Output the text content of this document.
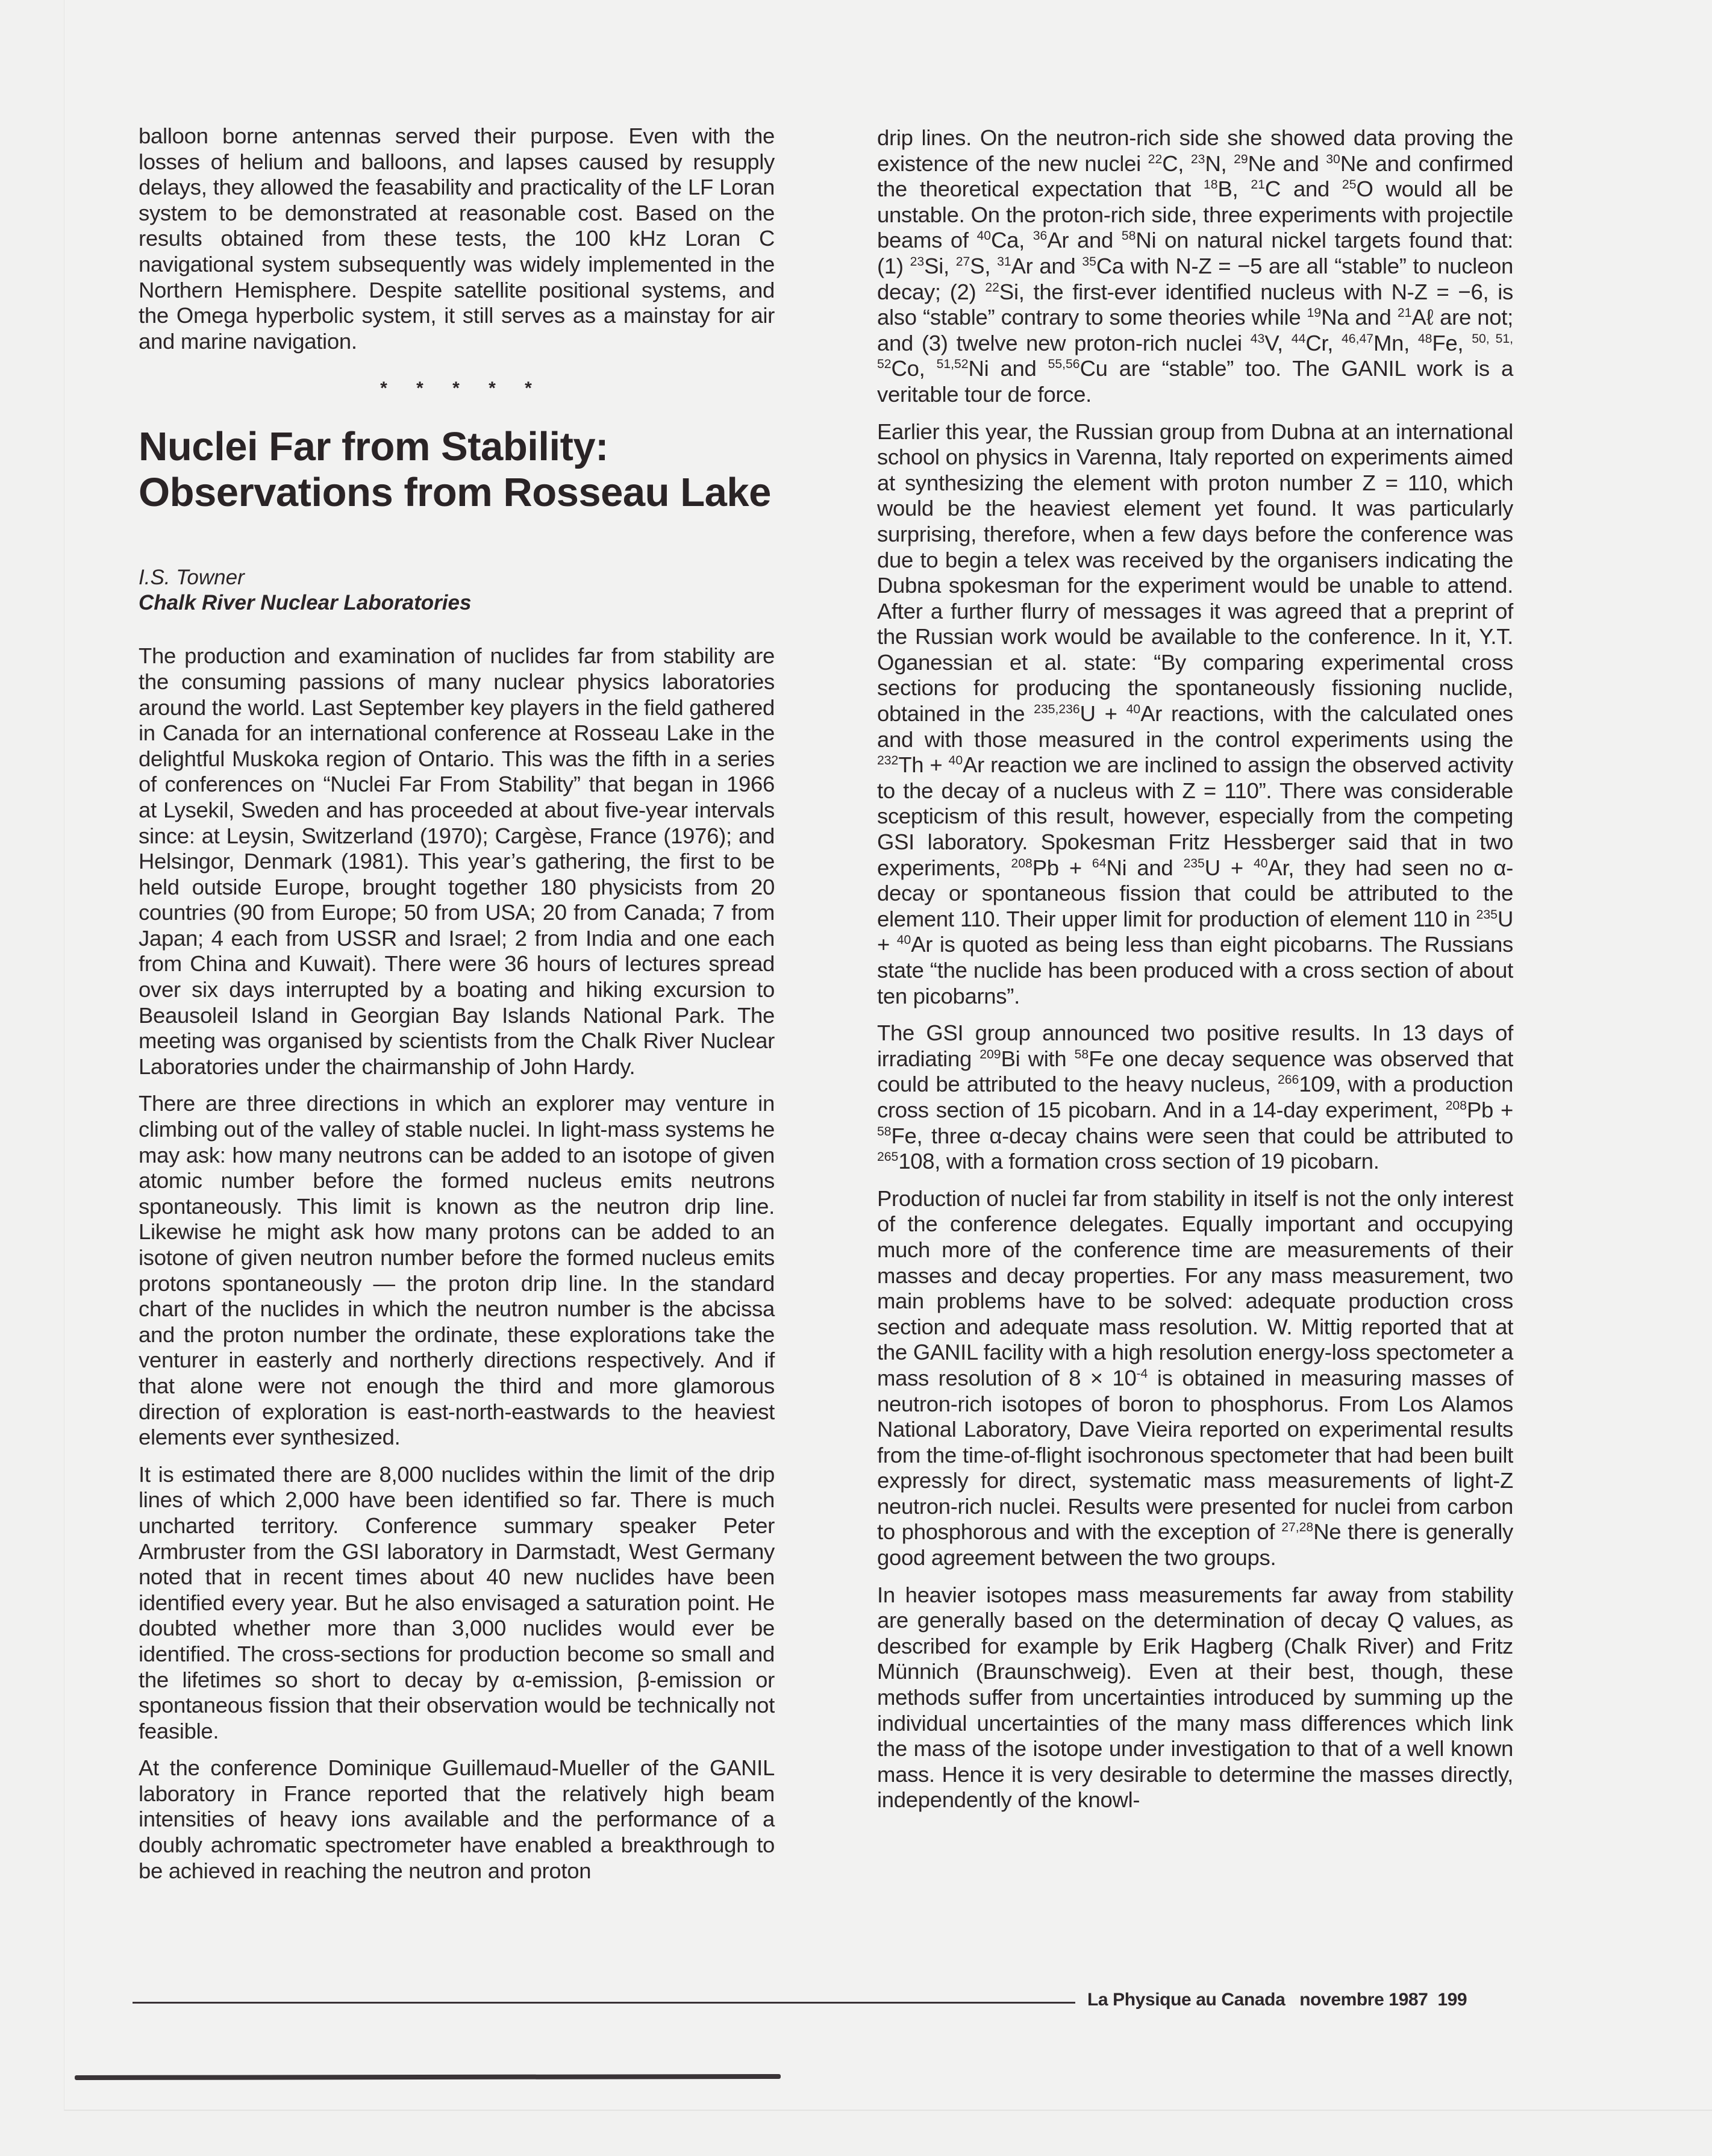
balloon borne antennas served their purpose. Even with the losses of helium and balloons, and lapses caused by resupply delays, they allowed the feasability and practicality of the LF Loran system to be demonstrated at reasonable cost. Based on the results obtained from these tests, the 100 kHz Loran C navigational system subsequently was widely implemented in the Northern Hemisphere. Despite satellite positional systems, and the Omega hyperbolic system, it still serves as a mainstay for air and marine navigation.

* * * * *
Nuclei Far from Stability:
Observations from Rosseau Lake
I.S. Towner
Chalk River Nuclear Laboratories

The production and examination of nuclides far from stability are the consuming passions of many nuclear physics laboratories around the world. Last September key players in the field gathered in Canada for an international conference at Rosseau Lake in the delightful Muskoka region of Ontario. This was the fifth in a series of conferences on “Nuclei Far From Stability” that began in 1966 at Lysekil, Sweden and has proceeded at about five-year intervals since: at Leysin, Switzerland (1970); Cargèse, France (1976); and Helsingor, Denmark (1981). This year’s gathering, the first to be held outside Europe, brought together 180 physicists from 20 countries (90 from Europe; 50 from USA; 20 from Canada; 7 from Japan; 4 each from USSR and Israel; 2 from India and one each from China and Kuwait). There were 36 hours of lectures spread over six days interrupted by a boating and hiking excursion to Beausoleil Island in Georgian Bay Islands National Park. The meeting was organised by scientists from the Chalk River Nuclear Laboratories under the chairmanship of John Hardy.

There are three directions in which an explorer may venture in climbing out of the valley of stable nuclei. In light-mass systems he may ask: how many neutrons can be added to an isotope of given atomic number before the formed nucleus emits neutrons spontaneously. This limit is known as the neutron drip line. Likewise he might ask how many protons can be added to an isotone of given neutron number before the formed nucleus emits protons spontaneously — the proton drip line. In the standard chart of the nuclides in which the neutron number is the abcissa and the proton number the ordinate, these explorations take the venturer in easterly and northerly directions respectively. And if that alone were not enough the third and more glamorous direction of exploration is east-north-eastwards to the heaviest elements ever synthesized.

It is estimated there are 8,000 nuclides within the limit of the drip lines of which 2,000 have been identified so far. There is much uncharted territory. Conference summary speaker Peter Armbruster from the GSI laboratory in Darmstadt, West Germany noted that in recent times about 40 new nuclides have been identified every year. But he also envisaged a saturation point. He doubted whether more than 3,000 nuclides would ever be identified. The cross-sections for production become so small and the lifetimes so short to decay by α-emission, β-emission or spontaneous fission that their observation would be technically not feasible.

At the conference Dominique Guillemaud-Mueller of the GANIL laboratory in France reported that the relatively high beam intensities of heavy ions available and the performance of a doubly achromatic spectrometer have enabled a breakthrough to be achieved in reaching the neutron and proton

drip lines. On the neutron-rich side she showed data proving the existence of the new nuclei $^{22}$C, $^{23}$N, $^{29}$Ne and $^{30}$Ne and confirmed the theoretical expectation that $^{18}$B, $^{21}$C and $^{25}$O would all be unstable. On the proton-rich side, three experiments with projectile beams of $^{40}$Ca, $^{36}$Ar and $^{58}$Ni on natural nickel targets found that: (1) $^{23}$Si, $^{27}$S, $^{31}$Ar and $^{35}$Ca with N-Z = −5 are all “stable” to nucleon decay; (2) $^{22}$Si, the first-ever identified nucleus with N-Z = −6, is also “stable” contrary to some theories while $^{19}$Na and $^{21}$Aℓ are not; and (3) twelve new proton-rich nuclei $^{43}$V, $^{44}$Cr, $^{46,47}$Mn, $^{48}$Fe, $^{50, 51, 52}$Co, $^{51,52}$Ni and $^{55,56}$Cu are “stable” too. The GANIL work is a veritable tour de force.

Earlier this year, the Russian group from Dubna at an international school on physics in Varenna, Italy reported on experiments aimed at synthesizing the element with proton number Z = 110, which would be the heaviest element yet found. It was particularly surprising, therefore, when a few days before the conference was due to begin a telex was received by the organisers indicating the Dubna spokesman for the experiment would be unable to attend. After a further flurry of messages it was agreed that a preprint of the Russian work would be available to the conference. In it, Y.T. Oganessian et al. state: “By comparing experimental cross sections for producing the spontaneously fissioning nuclide, obtained in the $^{235,236}$U + $^{40}$Ar reactions, with the calculated ones and with those measured in the control experiments using the $^{232}$Th + $^{40}$Ar reaction we are inclined to assign the observed activity to the decay of a nucleus with Z = 110”. There was considerable scepticism of this result, however, especially from the competing GSI laboratory. Spokesman Fritz Hessberger said that in two experiments, $^{208}$Pb + $^{64}$Ni and $^{235}$U + $^{40}$Ar, they had seen no α-decay or spontaneous fission that could be attributed to the element 110. Their upper limit for production of element 110 in $^{235}$U + $^{40}$Ar is quoted as being less than eight picobarns. The Russians state “the nuclide has been produced with a cross section of about ten picobarns”.

The GSI group announced two positive results. In 13 days of irradiating $^{209}$Bi with $^{58}$Fe one decay sequence was observed that could be attributed to the heavy nucleus, $^{266}$109, with a production cross section of 15 picobarn. And in a 14-day experiment, $^{208}$Pb + $^{58}$Fe, three α-decay chains were seen that could be attributed to $^{265}$108, with a formation cross section of 19 picobarn.

Production of nuclei far from stability in itself is not the only interest of the conference delegates. Equally important and occupying much more of the conference time are measurements of their masses and decay properties. For any mass measurement, two main problems have to be solved: adequate production cross section and adequate mass resolution. W. Mittig reported that at the GANIL facility with a high resolution energy-loss spectometer a mass resolution of $8 \times 10^{-4}$ is obtained in measuring masses of neutron-rich isotopes of boron to phosphorus. From Los Alamos National Laboratory, Dave Vieira reported on experimental results from the time-of-flight isochronous spectometer that had been built expressly for direct, systematic mass measurements of light-Z neutron-rich nuclei. Results were presented for nuclei from carbon to phosphorous and with the exception of $^{27,28}$Ne there is generally good agreement between the two groups.

In heavier isotopes mass measurements far away from stability are generally based on the determination of decay Q values, as described for example by Erik Hagberg (Chalk River) and Fritz Münnich (Braunschweig). Even at their best, though, these methods suffer from uncertainties introduced by summing up the individual uncertainties of the many mass differences which link the mass of the isotope under investigation to that of a well known mass. Hence it is very desirable to determine the masses directly, independently of the knowl-

La Physique au Canada novembre 1987 199
